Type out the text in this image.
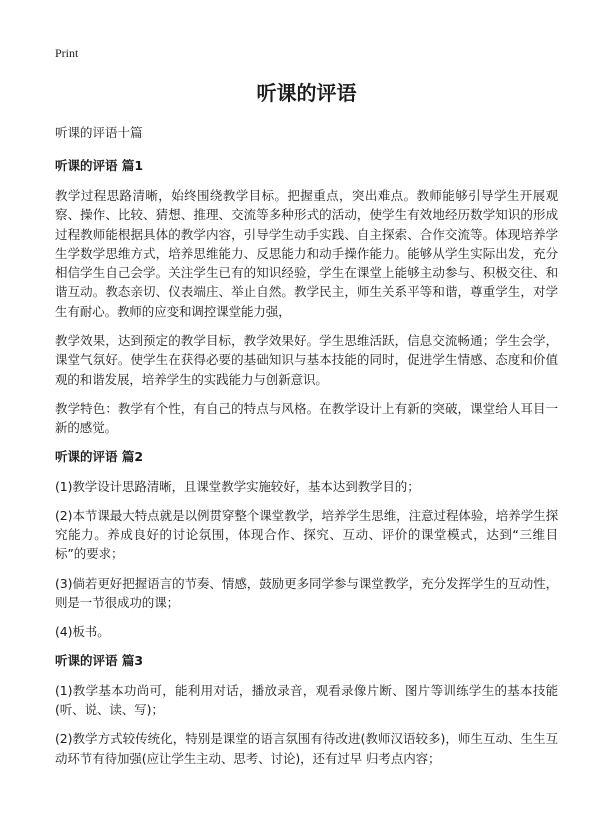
Print
听课的评语
听课的评语十篇
听课的评语 篇1

教学过程思路清晰，始终围绕教学目标。把握重点，突出难点。教师能够引导学生开展观察、操作、比较、猜想、推理、交流等多种形式的活动，使学生有效地经历数学知识的形成过程教师能根据具体的教学内容，引导学生动手实践、自主探索、合作交流等。体现培养学生学数学思维方式，培养思维能力、反思能力和动手操作能力。能够从学生实际出发，充分相信学生自己会学。关注学生已有的知识经验，学生在课堂上能够主动参与、积极交往、和谐互动。教态亲切、仪表端庄、举止自然。教学民主，师生关系平等和谐，尊重学生，对学生有耐心。教师的应变和调控课堂能力强，

教学效果，达到预定的教学目标，教学效果好。学生思维活跃，信息交流畅通；学生会学，课堂气氛好。使学生在获得必要的基础知识与基本技能的同时，促进学生情感、态度和价值观的和谐发展，培养学生的实践能力与创新意识。

教学特色：教学有个性，有自己的特点与风格。在教学设计上有新的突破，课堂给人耳目一新的感觉。

听课的评语 篇2

(1)教学设计思路清晰，且课堂教学实施较好，基本达到教学目的；

(2)本节课最大特点就是以例贯穿整个课堂教学，培养学生思维，注意过程体验，培养学生探究能力。养成良好的讨论氛围，体现合作、探究、互动、评价的课堂模式，达到“三维目标”的要求；

(3)倘若更好把握语言的节奏、情感，鼓励更多同学参与课堂教学，充分发挥学生的互动性，则是一节很成功的课；

(4)板书。

听课的评语 篇3

(1)教学基本功尚可，能利用对话，播放录音，观看录像片断、图片等训练学生的基本技能(听、说、读、写)；

(2)教学方式较传统化，特别是课堂的语言氛围有待改进(教师汉语较多)，师生互动、生生互动环节有待加强(应让学生主动、思考、讨论)，还有过早 归考点内容；
